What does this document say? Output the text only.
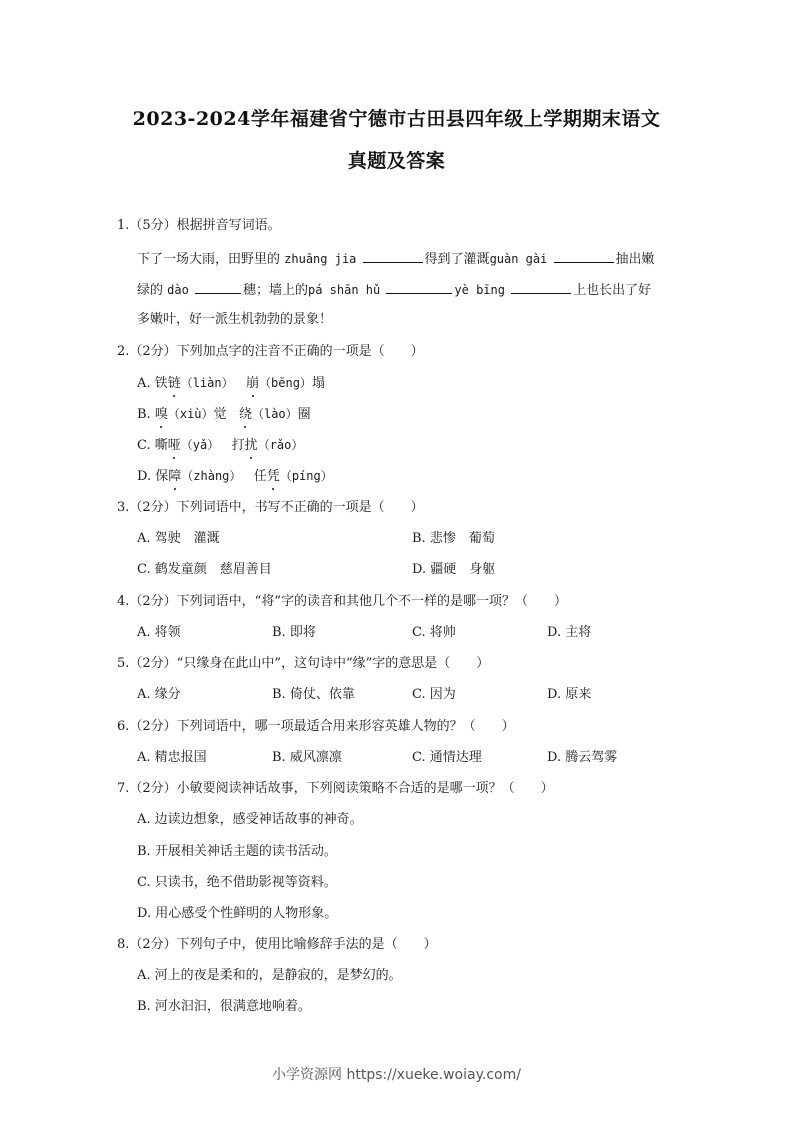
2023-2024学年福建省宁德市古田县四年级上学期期末语文
真题及答案
1.（5分）根据拼音写词语。
下了一场大雨，田野里的 zhuāng jia	得到了灌溉guàn gài	抽出嫩
绿的 dào	穗；墙上的pá shān hǔ	yè bīng	上也长出了好
多嫩叶，好一派生机勃勃的景象！
2.（2分）下列加点字的注音不正确的一项是（　　）
A. 铁链（liàn） 崩（bēng）塌
B. 嗅（xiù）觉 绕（lào）圈
C. 嘶哑（yǎ） 打扰（rǎo）
D. 保障（zhàng） 任凭（píng）
3.（2分）下列词语中，书写不正确的一项是（　　）
A. 驾驶　灌溉	B. 悲惨　葡萄
C. 鹤发童颜　慈眉善目	D. 疆硬　身躯
4.（2分）下列词语中，“将”字的读音和其他几个不一样的是哪一项？（　　）
A. 将领	B. 即将	C. 将帅	D. 主将
5.（2分）“只缘身在此山中”，这句诗中“缘”字的意思是（　　）
A. 缘分	B. 倚仗、依靠	C. 因为	D. 原来
6.（2分）下列词语中，哪一项最适合用来形容英雄人物的？（　　）
A. 精忠报国	B. 威风凛凛	C. 通情达理	D. 腾云驾雾
7.（2分）小敏要阅读神话故事，下列阅读策略不合适的是哪一项？（　　）
A. 边读边想象，感受神话故事的神奇。
B. 开展相关神话主题的读书活动。
C. 只读书，绝不借助影视等资料。
D. 用心感受个性鲜明的人物形象。
8.（2分）下列句子中，使用比喻修辞手法的是（　　）
A. 河上的夜是柔和的，是静寂的，是梦幻的。
B. 河水汩汩，很满意地响着。
小学资源网 https://xueke.woiay.com/
